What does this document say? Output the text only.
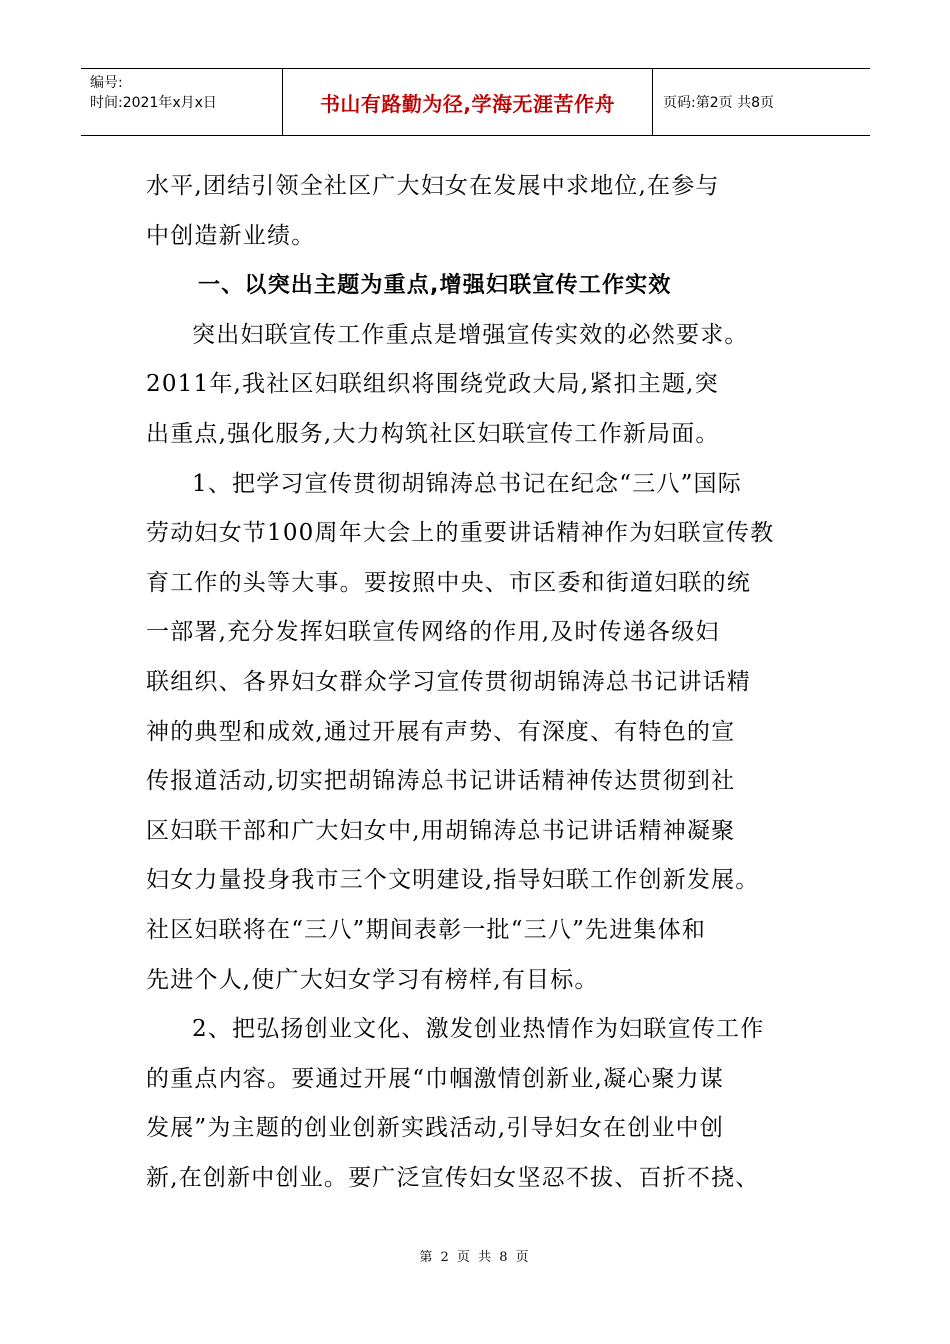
编号:
时间:2021年x月x日	书山有路勤为径,学海无涯苦作舟	页码:第2页 共8页
水平,团结引领全社区广大妇女在发展中求地位,在参与
中创造新业绩。
一、以突出主题为重点,增强妇联宣传工作实效
突出妇联宣传工作重点是增强宣传实效的必然要求。
2011年,我社区妇联组织将围绕党政大局,紧扣主题,突
出重点,强化服务,大力构筑社区妇联宣传工作新局面。
1、把学习宣传贯彻胡锦涛总书记在纪念“三八”国际
劳动妇女节100周年大会上的重要讲话精神作为妇联宣传教
育工作的头等大事。要按照中央、市区委和街道妇联的统
一部署,充分发挥妇联宣传网络的作用,及时传递各级妇
联组织、各界妇女群众学习宣传贯彻胡锦涛总书记讲话精
神的典型和成效,通过开展有声势、有深度、有特色的宣
传报道活动,切实把胡锦涛总书记讲话精神传达贯彻到社
区妇联干部和广大妇女中,用胡锦涛总书记讲话精神凝聚
妇女力量投身我市三个文明建设,指导妇联工作创新发展。
社区妇联将在“三八”期间表彰一批“三八”先进集体和
先进个人,使广大妇女学习有榜样,有目标。
2、把弘扬创业文化、激发创业热情作为妇联宣传工作
的重点内容。要通过开展“巾帼激情创新业,凝心聚力谋
发展”为主题的创业创新实践活动,引导妇女在创业中创
新,在创新中创业。要广泛宣传妇女坚忍不拔、百折不挠、
第 2 页 共 8 页
